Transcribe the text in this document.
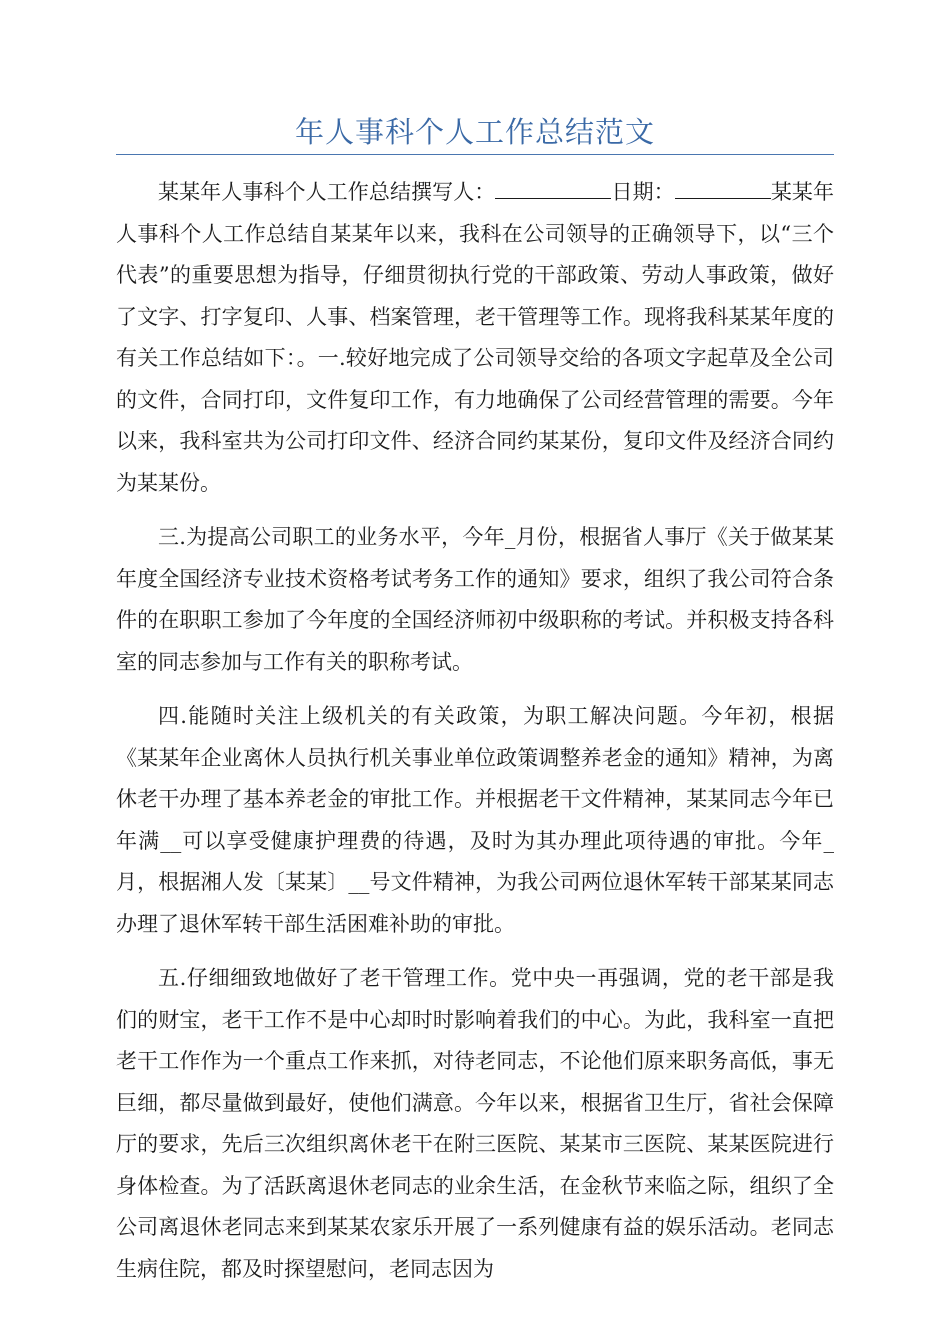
年人事科个人工作总结范文

某某年人事科个人工作总结撰写人：	日期：	某某年人事科个人工作总结自某某年以来，我科在公司领导的正确领导下，以“三个代表”的重要思想为指导，仔细贯彻执行党的干部政策、劳动人事政策，做好了文字、打字复印、人事、档案管理，老干管理等工作。现将我科某某年度的有关工作总结如下：。一.较好地完成了公司领导交给的各项文字起草及全公司的文件，合同打印，文件复印工作，有力地确保了公司经营管理的需要。今年以来，我科室共为公司打印文件、经济合同约某某份，复印文件及经济合同约为某某份。

三.为提高公司职工的业务水平，今年_月份，根据省人事厅《关于做某某年度全国经济专业技术资格考试考务工作的通知》要求，组织了我公司符合条件的在职职工参加了今年度的全国经济师初中级职称的考试。并积极支持各科室的同志参加与工作有关的职称考试。

四.能随时关注上级机关的有关政策，为职工解决问题。今年初，根据《某某年企业离休人员执行机关事业单位政策调整养老金的通知》精神，为离休老干办理了基本养老金的审批工作。并根据老干文件精神，某某同志今年已年满__可以享受健康护理费的待遇，及时为其办理此项待遇的审批。今年_月，根据湘人发〔某某〕__号文件精神，为我公司两位退休军转干部某某同志办理了退休军转干部生活困难补助的审批。

五.仔细细致地做好了老干管理工作。党中央一再强调，党的老干部是我们的财宝，老干工作不是中心却时时影响着我们的中心。为此，我科室一直把老干工作作为一个重点工作来抓，对待老同志，不论他们原来职务高低，事无巨细，都尽量做到最好，使他们满意。今年以来，根据省卫生厅，省社会保障厅的要求，先后三次组织离休老干在附三医院、某某市三医院、某某医院进行身体检查。为了活跃离退休老同志的业余生活，在金秋节来临之际，组织了全公司离退休老同志来到某某农家乐开展了一系列健康有益的娱乐活动。老同志生病住院，都及时探望慰问，老同志因为
